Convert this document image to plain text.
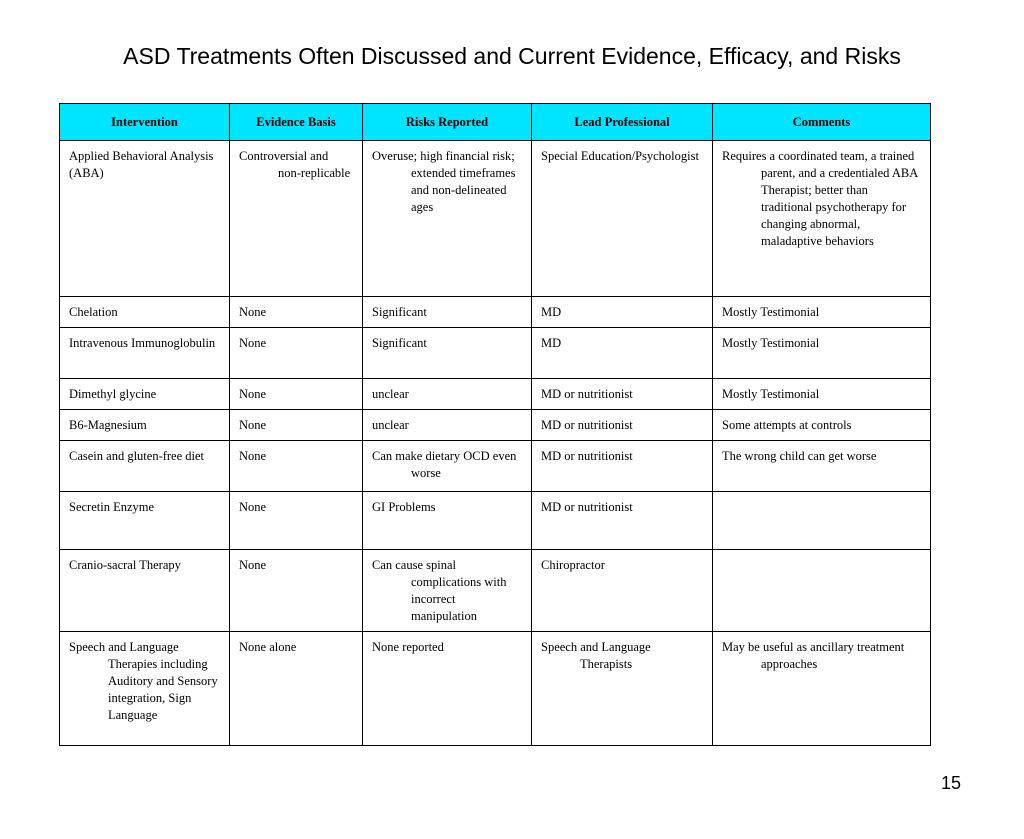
ASD Treatments Often Discussed and Current Evidence, Efficacy, and Risks
Intervention	Evidence Basis	Risks Reported	Lead Professional	Comments

Applied Behavioral Analysis (ABA)	Controversial and non-replicable	Overuse; high financial risk; extended timeframes and non-delineated ages	Special Education/Psychologist	Requires a coordinated team, a trained parent, and a credentialed ABA Therapist; better than traditional psychotherapy for changing abnormal, maladaptive behaviors

Chelation	None	Significant	MD	Mostly Testimonial

Intravenous Immunoglobulin	None	Significant	MD	Mostly Testimonial

Dimethyl glycine	None	unclear	MD or nutritionist	Mostly Testimonial

B6-Magnesium	None	unclear	MD or nutritionist	Some attempts at controls

Casein and gluten-free diet	None	Can make dietary OCD even worse	MD or nutritionist	The wrong child can get worse

Secretin Enzyme	None	GI Problems	MD or nutritionist	

Cranio-sacral Therapy	None	Can cause spinal complications with incorrect manipulation	Chiropractor	

Speech and Language Therapies including Auditory and Sensory integration, Sign Language	None alone	None reported	Speech and Language Therapists	May be useful as ancillary treatment approaches
15
